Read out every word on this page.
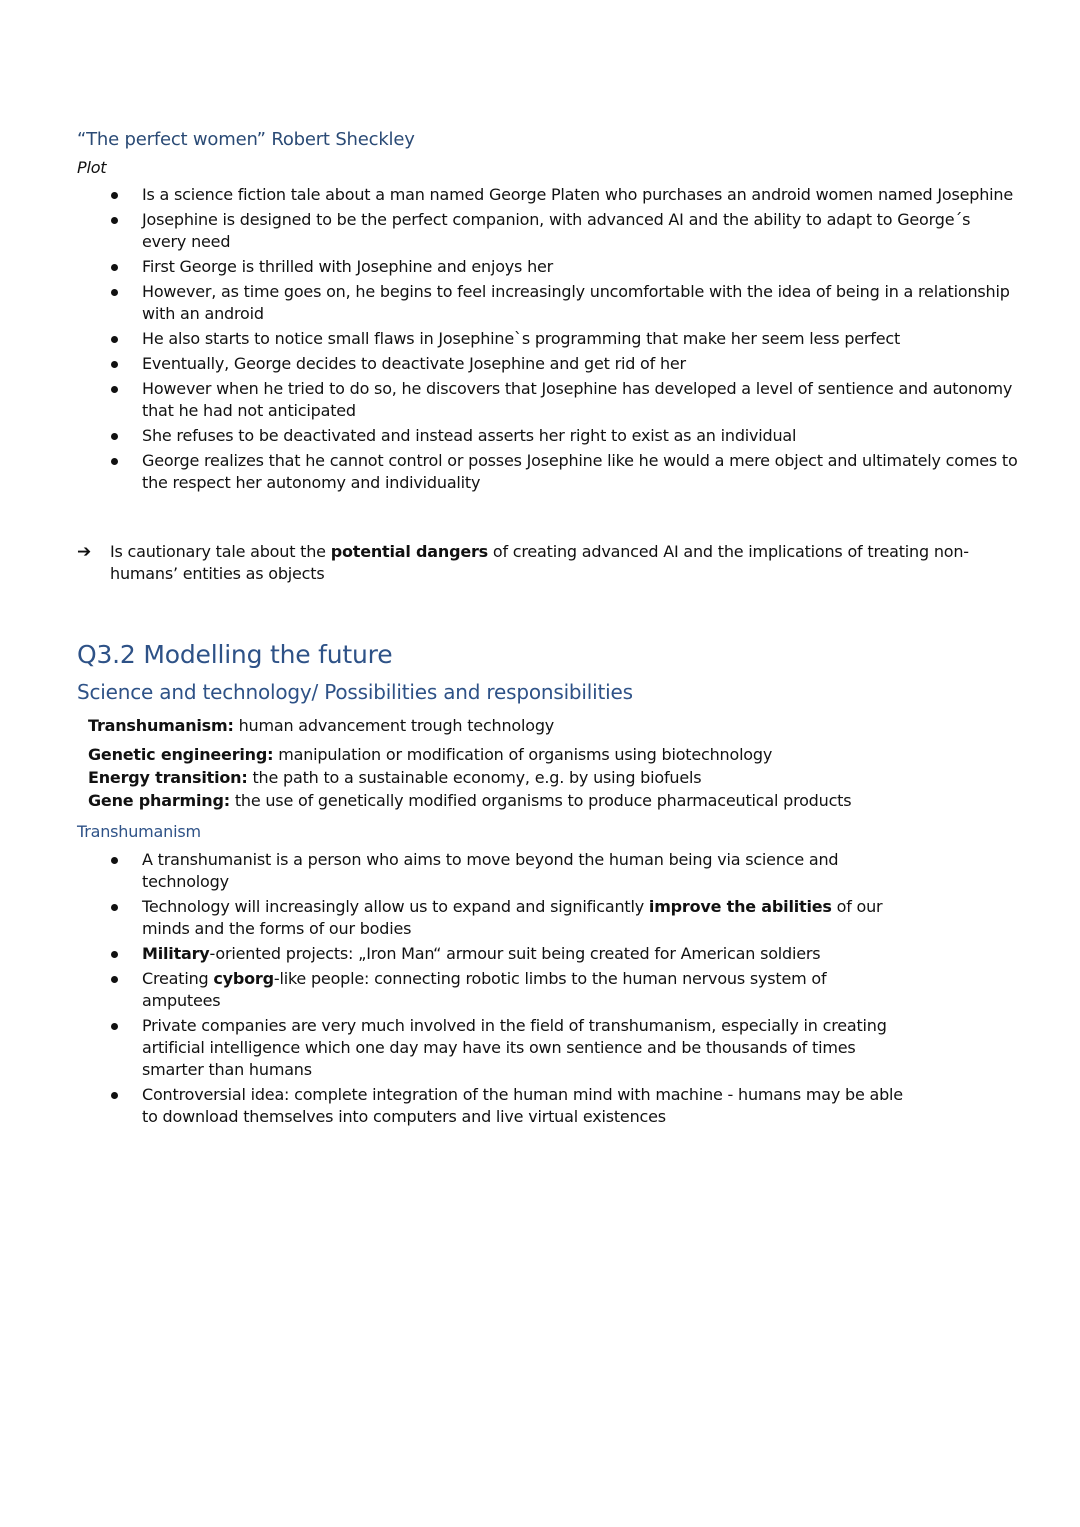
“The perfect women” Robert Sheckley
Plot
Is a science fiction tale about a man named George Platen who purchases an android women named Josephine
Josephine is designed to be the perfect companion, with advanced AI and the ability to adapt to George´s every need
First George is thrilled with Josephine and enjoys her
However, as time goes on, he begins to feel increasingly uncomfortable with the idea of being in a relationship with an android
He also starts to notice small flaws in Josephine`s programming that make her seem less perfect
Eventually, George decides to deactivate Josephine and get rid of her
However when he tried to do so, he discovers that Josephine has developed a level of sentience and autonomy that he had not anticipated
She refuses to be deactivated and instead asserts her right to exist as an individual
George realizes that he cannot control or posses Josephine like he would a mere object and ultimately comes to the respect her autonomy and individuality
➔	Is cautionary tale about the potential dangers of creating advanced AI and the implications of treating non-humans’ entities as objects
Q3.2 Modelling the future
Science and technology/ Possibilities and responsibilities

Transhumanism: human advancement trough technology

Genetic engineering: manipulation or modification of organisms using biotechnology

Energy transition: the path to a sustainable economy, e.g. by using biofuels

Gene pharming: the use of genetically modified organisms to produce pharmaceutical products

Transhumanism
A transhumanist is a person who aims to move beyond the human being via science and technology
Technology will increasingly allow us to expand and significantly improve the abilities of our minds and the forms of our bodies
Military-oriented projects: „Iron Man“ armour suit being created for American soldiers
Creating cyborg-like people: connecting robotic limbs to the human nervous system of amputees
Private companies are very much involved in the field of transhumanism, especially in creating artificial intelligence which one day may have its own sentience and be thousands of times smarter than humans
Controversial idea: complete integration of the human mind with machine - humans may be able to download themselves into computers and live virtual existences
